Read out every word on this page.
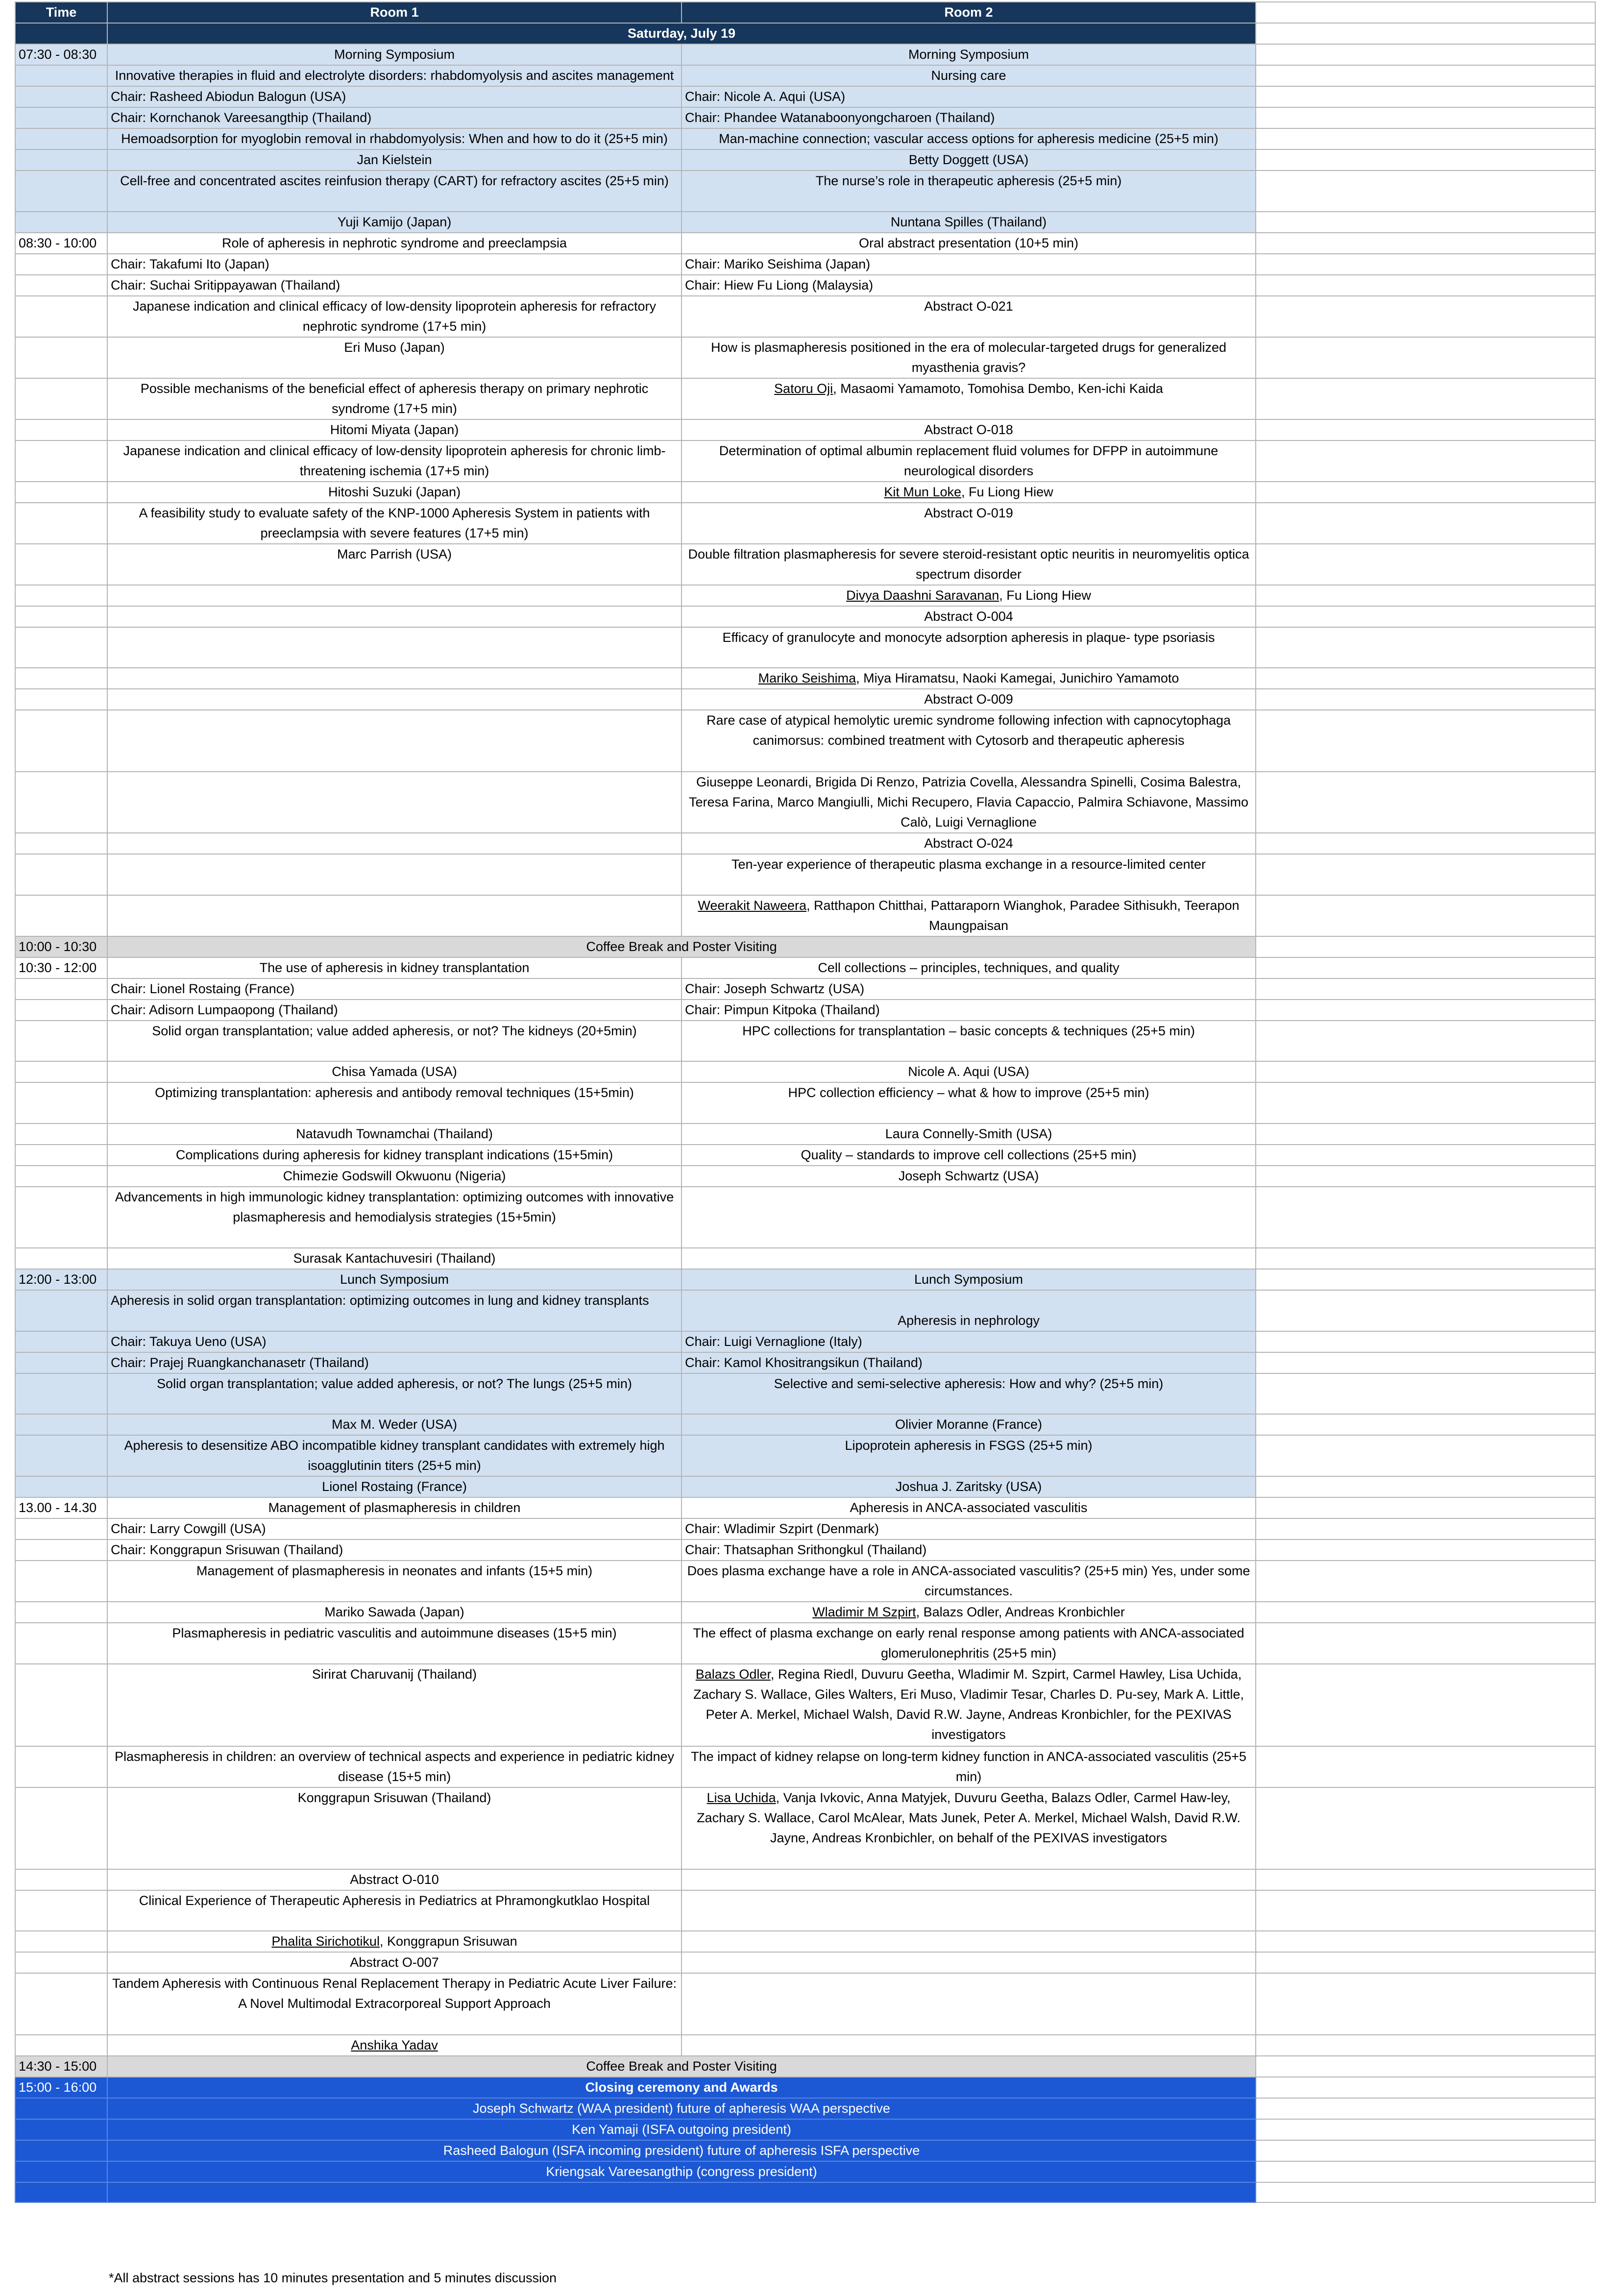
Time	Room 1	Room 2	
	Saturday, July 19		
07:30 - 08:30	Morning Symposium	Morning Symposium	
	Innovative therapies in fluid and electrolyte disorders: rhabdomyolysis and ascites management	Nursing care	
	Chair: Rasheed Abiodun Balogun (USA)	Chair: Nicole A. Aqui (USA)	
	Chair: Kornchanok Vareesangthip (Thailand)	Chair: Phandee Watanaboonyongcharoen (Thailand)	
	Hemoadsorption for myoglobin removal in rhabdomyolysis: When and how to do it (25+5 min)	Man-machine connection; vascular access options for apheresis medicine (25+5 min)	
	Jan Kielstein	Betty Doggett (USA)	
	Cell-free and concentrated ascites reinfusion therapy (CART) for refractory ascites (25+5 min)	The nurse’s role in therapeutic apheresis (25+5 min)	
	Yuji Kamijo (Japan)	Nuntana Spilles (Thailand)	
08:30 - 10:00	Role of apheresis in nephrotic syndrome and preeclampsia	Oral abstract presentation (10+5 min)	
	Chair: Takafumi Ito (Japan)	Chair: Mariko Seishima (Japan)	
	Chair: Suchai Sritippayawan (Thailand)	Chair: Hiew Fu Liong (Malaysia)	
	Japanese indication and clinical efficacy of low-density lipoprotein apheresis for refractory nephrotic syndrome (17+5 min)	Abstract O-021	
	Eri Muso (Japan)	How is plasmapheresis positioned in the era of molecular-targeted drugs for generalized myasthenia gravis?	
	Possible mechanisms of the beneficial effect of apheresis therapy on primary nephrotic syndrome (17+5 min)	Satoru Oji, Masaomi Yamamoto, Tomohisa Dembo, Ken-ichi Kaida	
	Hitomi Miyata (Japan)	Abstract O-018	
	Japanese indication and clinical efficacy of low-density lipoprotein apheresis for chronic limb-threatening ischemia (17+5 min)	Determination of optimal albumin replacement fluid volumes for DFPP in autoimmune neurological disorders	
	Hitoshi Suzuki (Japan)	Kit Mun Loke, Fu Liong Hiew	
	A feasibility study to evaluate safety of the KNP-1000 Apheresis System in patients with preeclampsia with severe features (17+5 min)	Abstract O-019	
	Marc Parrish (USA)	Double filtration plasmapheresis for severe steroid-resistant optic neuritis in neuromyelitis optica spectrum disorder	
		Divya Daashni Saravanan, Fu Liong Hiew	
		Abstract O-004	
		Efficacy of granulocyte and monocyte adsorption apheresis in plaque- type psoriasis	
		Mariko Seishima, Miya Hiramatsu, Naoki Kamegai, Junichiro Yamamoto	
		Abstract O-009	
		Rare case of atypical hemolytic uremic syndrome following infection with capnocytophaga canimorsus: combined treatment with Cytosorb and therapeutic apheresis	
		Giuseppe Leonardi, Brigida Di Renzo, Patrizia Covella, Alessandra Spinelli, Cosima Balestra, Teresa Farina, Marco Mangiulli, Michi Recupero, Flavia Capaccio, Palmira Schiavone, Massimo Calò, Luigi Vernaglione	
		Abstract O-024	
		Ten-year experience of therapeutic plasma exchange in a resource-limited center	
		Weerakit Naweera, Ratthapon Chitthai, Pattaraporn Wianghok, Paradee Sithisukh, Teerapon Maungpaisan	
10:00 - 10:30	Coffee Break and Poster Visiting		
10:30 - 12:00	The use of apheresis in kidney transplantation	Cell collections – principles, techniques, and quality	
	Chair: Lionel Rostaing (France)	Chair: Joseph Schwartz (USA)	
	Chair: Adisorn Lumpaopong (Thailand)	Chair: Pimpun Kitpoka (Thailand)	
	Solid organ transplantation; value added apheresis, or not? The kidneys (20+5min)	HPC collections for transplantation – basic concepts & techniques (25+5 min)	
	Chisa Yamada (USA)	Nicole A. Aqui (USA)	
	Optimizing transplantation: apheresis and antibody removal techniques (15+5min)	HPC collection efficiency – what & how to improve (25+5 min)	
	Natavudh Townamchai (Thailand)	Laura Connelly-Smith (USA)	
	Complications during apheresis for kidney transplant indications (15+5min)	Quality – standards to improve cell collections (25+5 min)	
	Chimezie Godswill Okwuonu (Nigeria)	Joseph Schwartz (USA)	
	Advancements in high immunologic kidney transplantation: optimizing outcomes with innovative plasmapheresis and hemodialysis strategies (15+5min)		
	Surasak Kantachuvesiri (Thailand)		
12:00 - 13:00	Lunch Symposium	Lunch Symposium	
	Apheresis in solid organ transplantation: optimizing outcomes in lung and kidney transplants	Apheresis in nephrology	
	Chair: Takuya Ueno (USA)	Chair: Luigi Vernaglione (Italy)	
	Chair: Prajej Ruangkanchanasetr (Thailand)	Chair: Kamol Khositrangsikun (Thailand)	
	Solid organ transplantation; value added apheresis, or not? The lungs (25+5 min)	Selective and semi-selective apheresis: How and why? (25+5 min)	
	Max M. Weder (USA)	Olivier Moranne (France)	
	Apheresis to desensitize ABO incompatible kidney transplant candidates with extremely high isoagglutinin titers (25+5 min)	Lipoprotein apheresis in FSGS (25+5 min)	
	Lionel Rostaing (France)	Joshua J. Zaritsky (USA)	
13.00 - 14.30	Management of plasmapheresis in children	Apheresis in ANCA-associated vasculitis	
	Chair: Larry Cowgill (USA)	Chair: Wladimir Szpirt (Denmark)	
	Chair: Konggrapun Srisuwan (Thailand)	Chair: Thatsaphan Srithongkul (Thailand)	
	Management of plasmapheresis in neonates and infants (15+5 min)	Does plasma exchange have a role in ANCA-associated vasculitis? (25+5 min) Yes, under some circumstances.	
	Mariko Sawada (Japan)	Wladimir M Szpirt, Balazs Odler, Andreas Kronbichler	
	Plasmapheresis in pediatric vasculitis and autoimmune diseases (15+5 min)	The effect of plasma exchange on early renal response among patients with ANCA-associated glomerulonephritis (25+5 min)	
	Sirirat Charuvanij (Thailand)	Balazs Odler, Regina Riedl, Duvuru Geetha, Wladimir M. Szpirt, Carmel Hawley, Lisa Uchida, Zachary S. Wallace, Giles Walters, Eri Muso, Vladimir Tesar, Charles D. Pu-sey, Mark A. Little, Peter A. Merkel, Michael Walsh, David R.W. Jayne, Andreas Kronbichler, for the PEXIVAS investigators	
	Plasmapheresis in children: an overview of technical aspects and experience in pediatric kidney disease (15+5 min)	The impact of kidney relapse on long-term kidney function in ANCA-associated vasculitis (25+5 min)	
	Konggrapun Srisuwan (Thailand)	Lisa Uchida, Vanja Ivkovic, Anna Matyjek, Duvuru Geetha, Balazs Odler, Carmel Haw-ley, Zachary S. Wallace, Carol McAlear, Mats Junek, Peter A. Merkel, Michael Walsh, David R.W. Jayne, Andreas Kronbichler, on behalf of the PEXIVAS investigators	
	Abstract O-010		
	Clinical Experience of Therapeutic Apheresis in Pediatrics at Phramongkutklao Hospital		
	Phalita Sirichotikul, Konggrapun Srisuwan		
	Abstract O-007		
	Tandem Apheresis with Continuous Renal Replacement Therapy in Pediatric Acute Liver Failure: A Novel Multimodal Extracorporeal Support Approach		
	Anshika Yadav		
14:30 - 15:00	Coffee Break and Poster Visiting		
15:00 - 16:00	Closing ceremony and Awards		
	Joseph Schwartz (WAA president) future of apheresis WAA perspective		
	Ken Yamaji (ISFA outgoing president)		
	Rasheed Balogun (ISFA incoming president) future of apheresis ISFA perspective		
	Kriengsak Vareesangthip (congress president)		

*All abstract sessions has 10 minutes presentation and 5 minutes discussion
